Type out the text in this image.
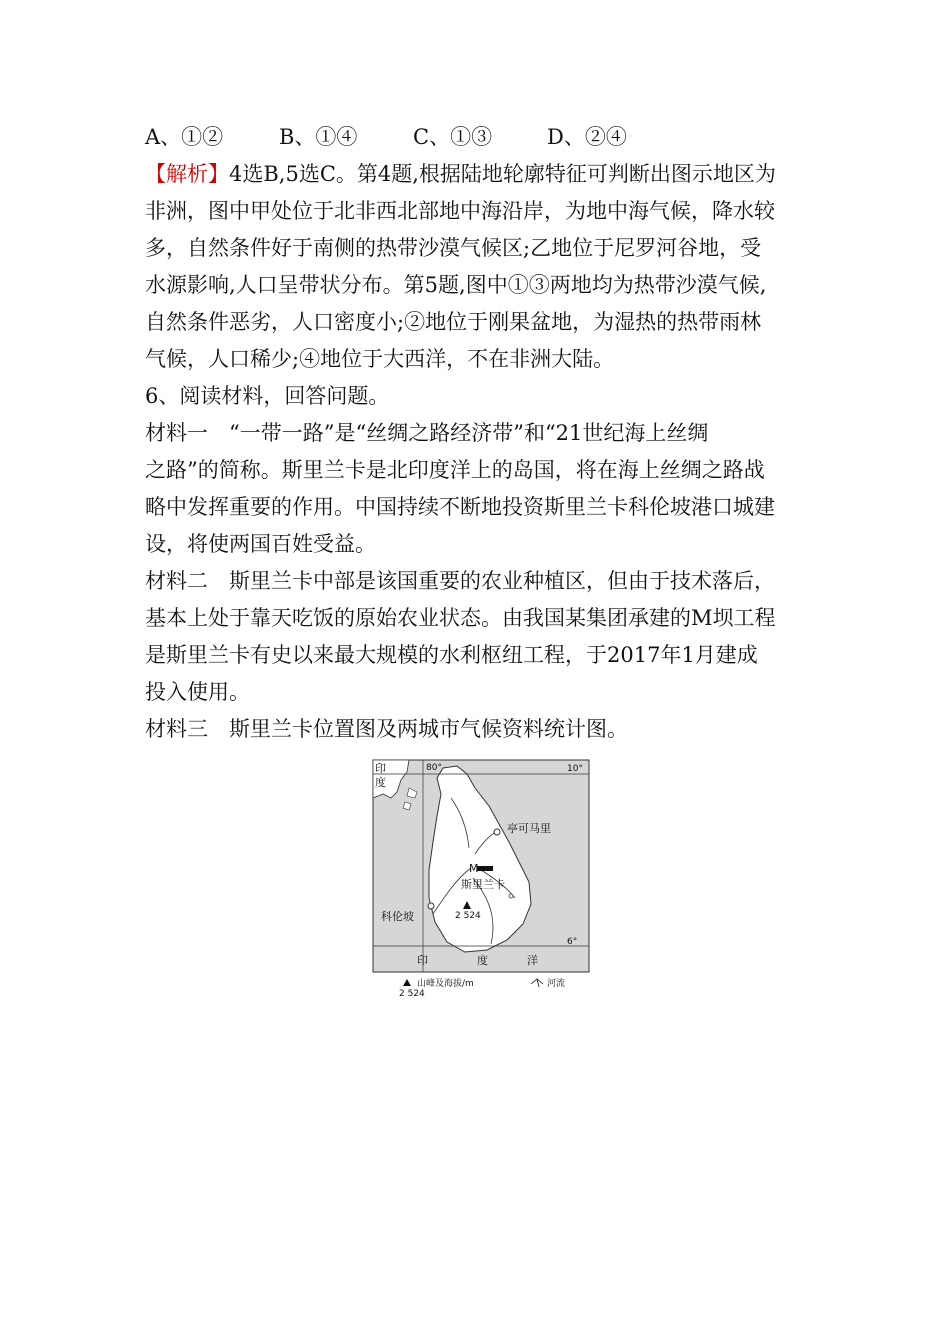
A、①②	B、①④	C、①③	D、②④
【解析】4选B,5选C。第4题,根据陆地轮廓特征可判断出图示地区为
非洲，图中甲处位于北非西北部地中海沿岸，为地中海气候，降水较
多，自然条件好于南侧的热带沙漠气候区;乙地位于尼罗河谷地，受
水源影响,人口呈带状分布。第5题,图中①③两地均为热带沙漠气候,
自然条件恶劣，人口密度小;②地位于刚果盆地，为湿热的热带雨林
气候，人口稀少;④地位于大西洋，不在非洲大陆。
6、阅读材料，回答问题。
材料一　“一带一路”是“丝绸之路经济带”和“21世纪海上丝绸
之路”的简称。斯里兰卡是北印度洋上的岛国，将在海上丝绸之路战
略中发挥重要的作用。中国持续不断地投资斯里兰卡科伦坡港口城建
设，将使两国百姓受益。
材料二　斯里兰卡中部是该国重要的农业种植区，但由于技术落后，
基本上处于靠天吃饭的原始农业状态。由我国某集团承建的M坝工程
是斯里兰卡有史以来最大规模的水利枢纽工程，于2017年1月建成
投入使用。
材料三　斯里兰卡位置图及两城市气候资料统计图。
印
度
80°	10°
6°
亭可马里
M
斯里兰卡
2 524
科伦坡
印	度	洋
山峰及海拔/m
2 524
河流
